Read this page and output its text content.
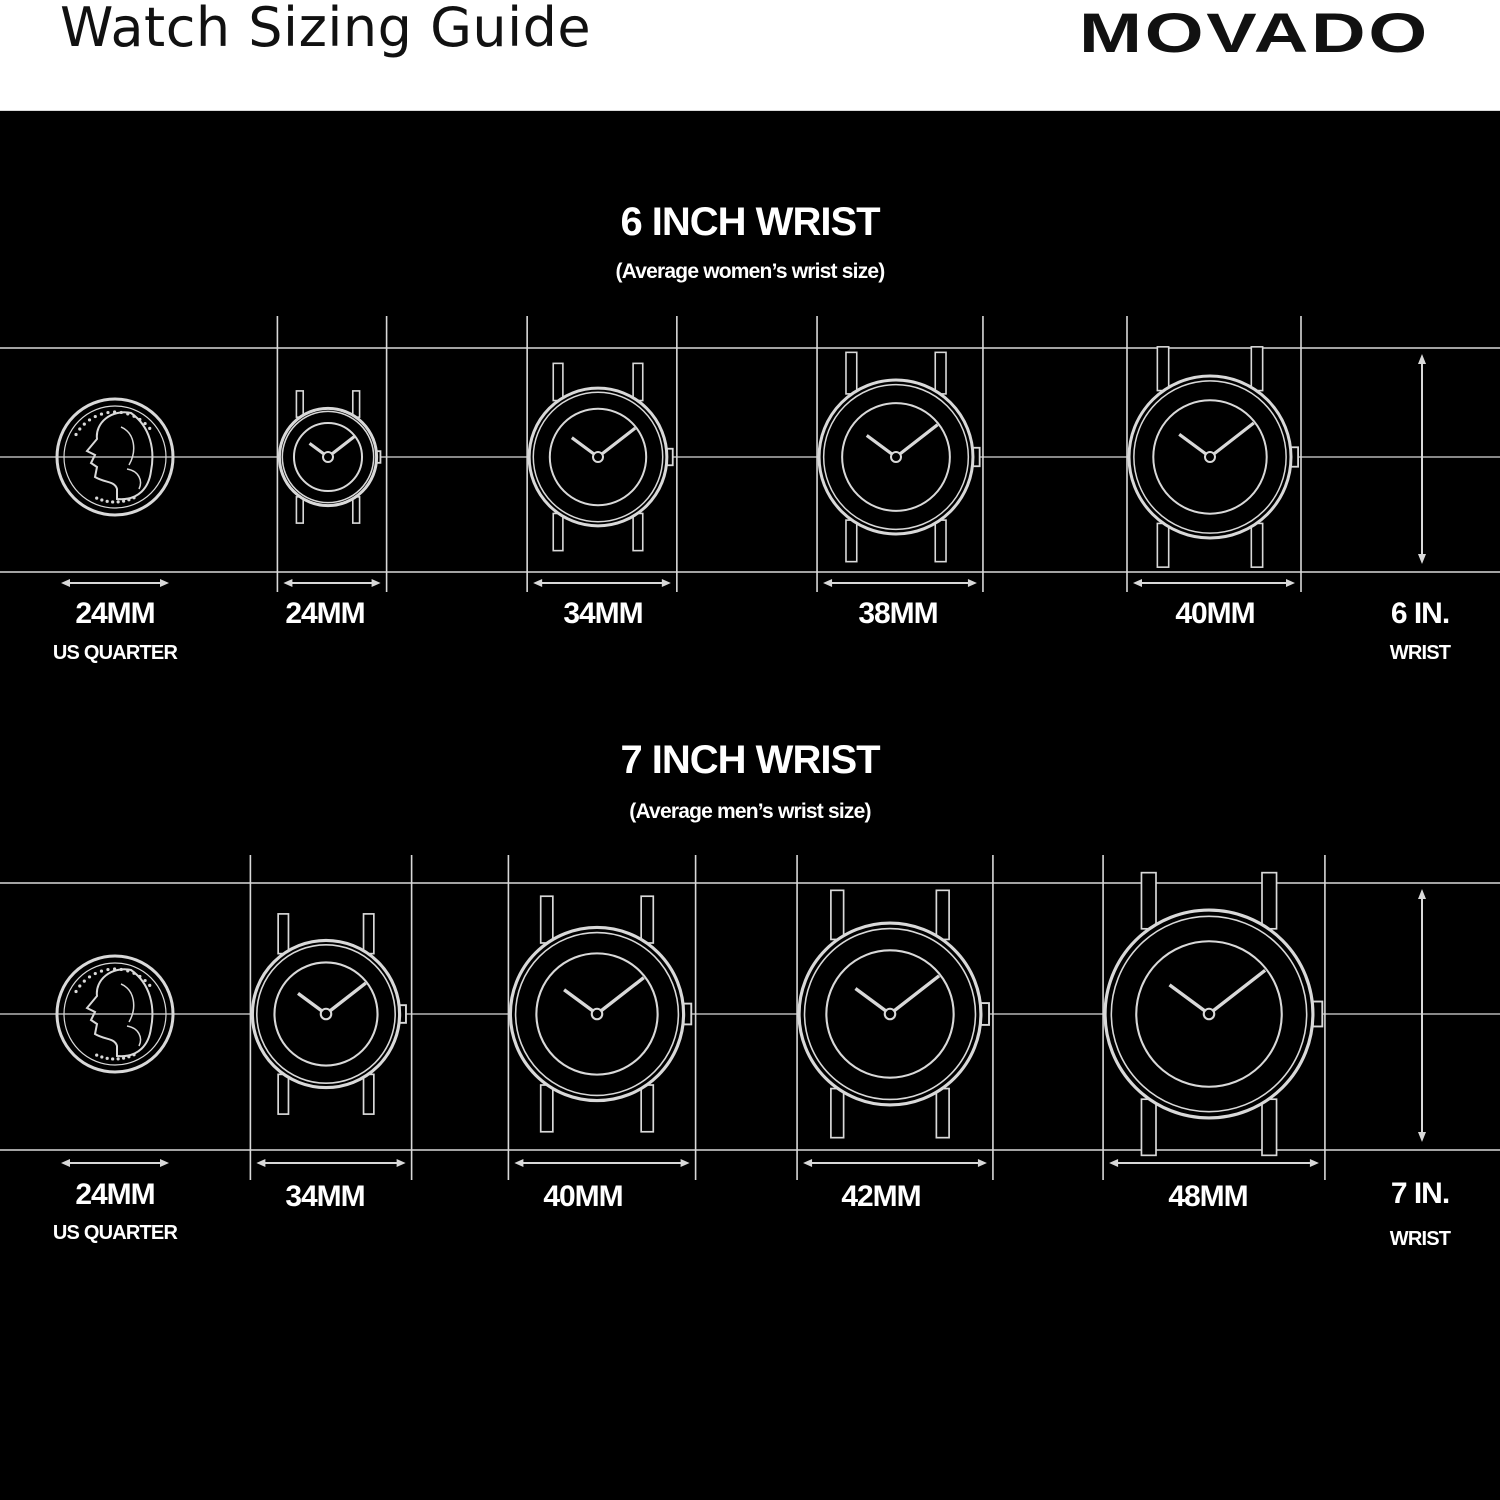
Watch Sizing Guide	MOVADO
6 INCH WRIST
(Average women’s wrist size)
24MM
US QUARTER
24MM	34MM	38MM	40MM	6 IN.
WRIST
7 INCH WRIST
(Average men’s wrist size)
24MM
US QUARTER
34MM	40MM	42MM	48MM	7 IN.
WRIST
